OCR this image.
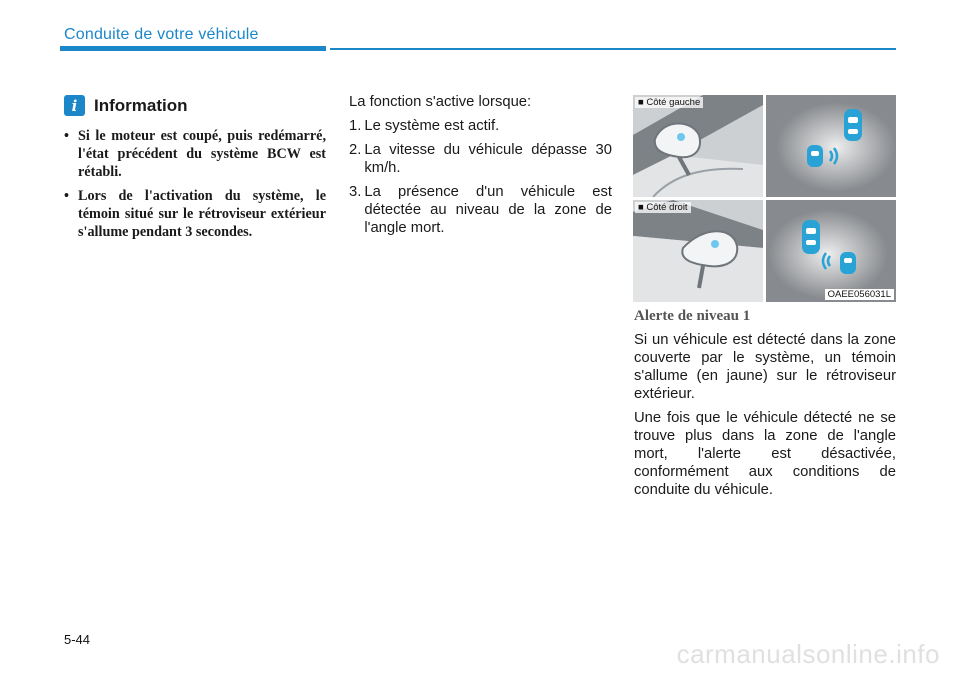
Conduite de votre véhicule
i Information
• Si le moteur est coupé, puis redémarré, l'état précédent du système BCW est rétabli.
• Lors de l'activation du système, le témoin situé sur le rétroviseur extérieur s'allume pendant 3 secondes.

La fonction s'active lorsque:

1. Le système est actif.
2. La vitesse du véhicule dépasse 30 km/h.
3. La présence d'un véhicule est détectée au niveau de la zone de l'angle mort.
■ Côté gauche
■ Côté droit
OAEE056031L
Alerte de niveau 1

Si un véhicule est détecté dans la zone couverte par le système, un témoin s'allume (en jaune) sur le rétroviseur extérieur.

Une fois que le véhicule détecté ne se trouve plus dans la zone de l'angle mort, l'alerte est désactivée, conformément aux conditions de conduite du véhicule.

5-44	carmanualsonline.info
